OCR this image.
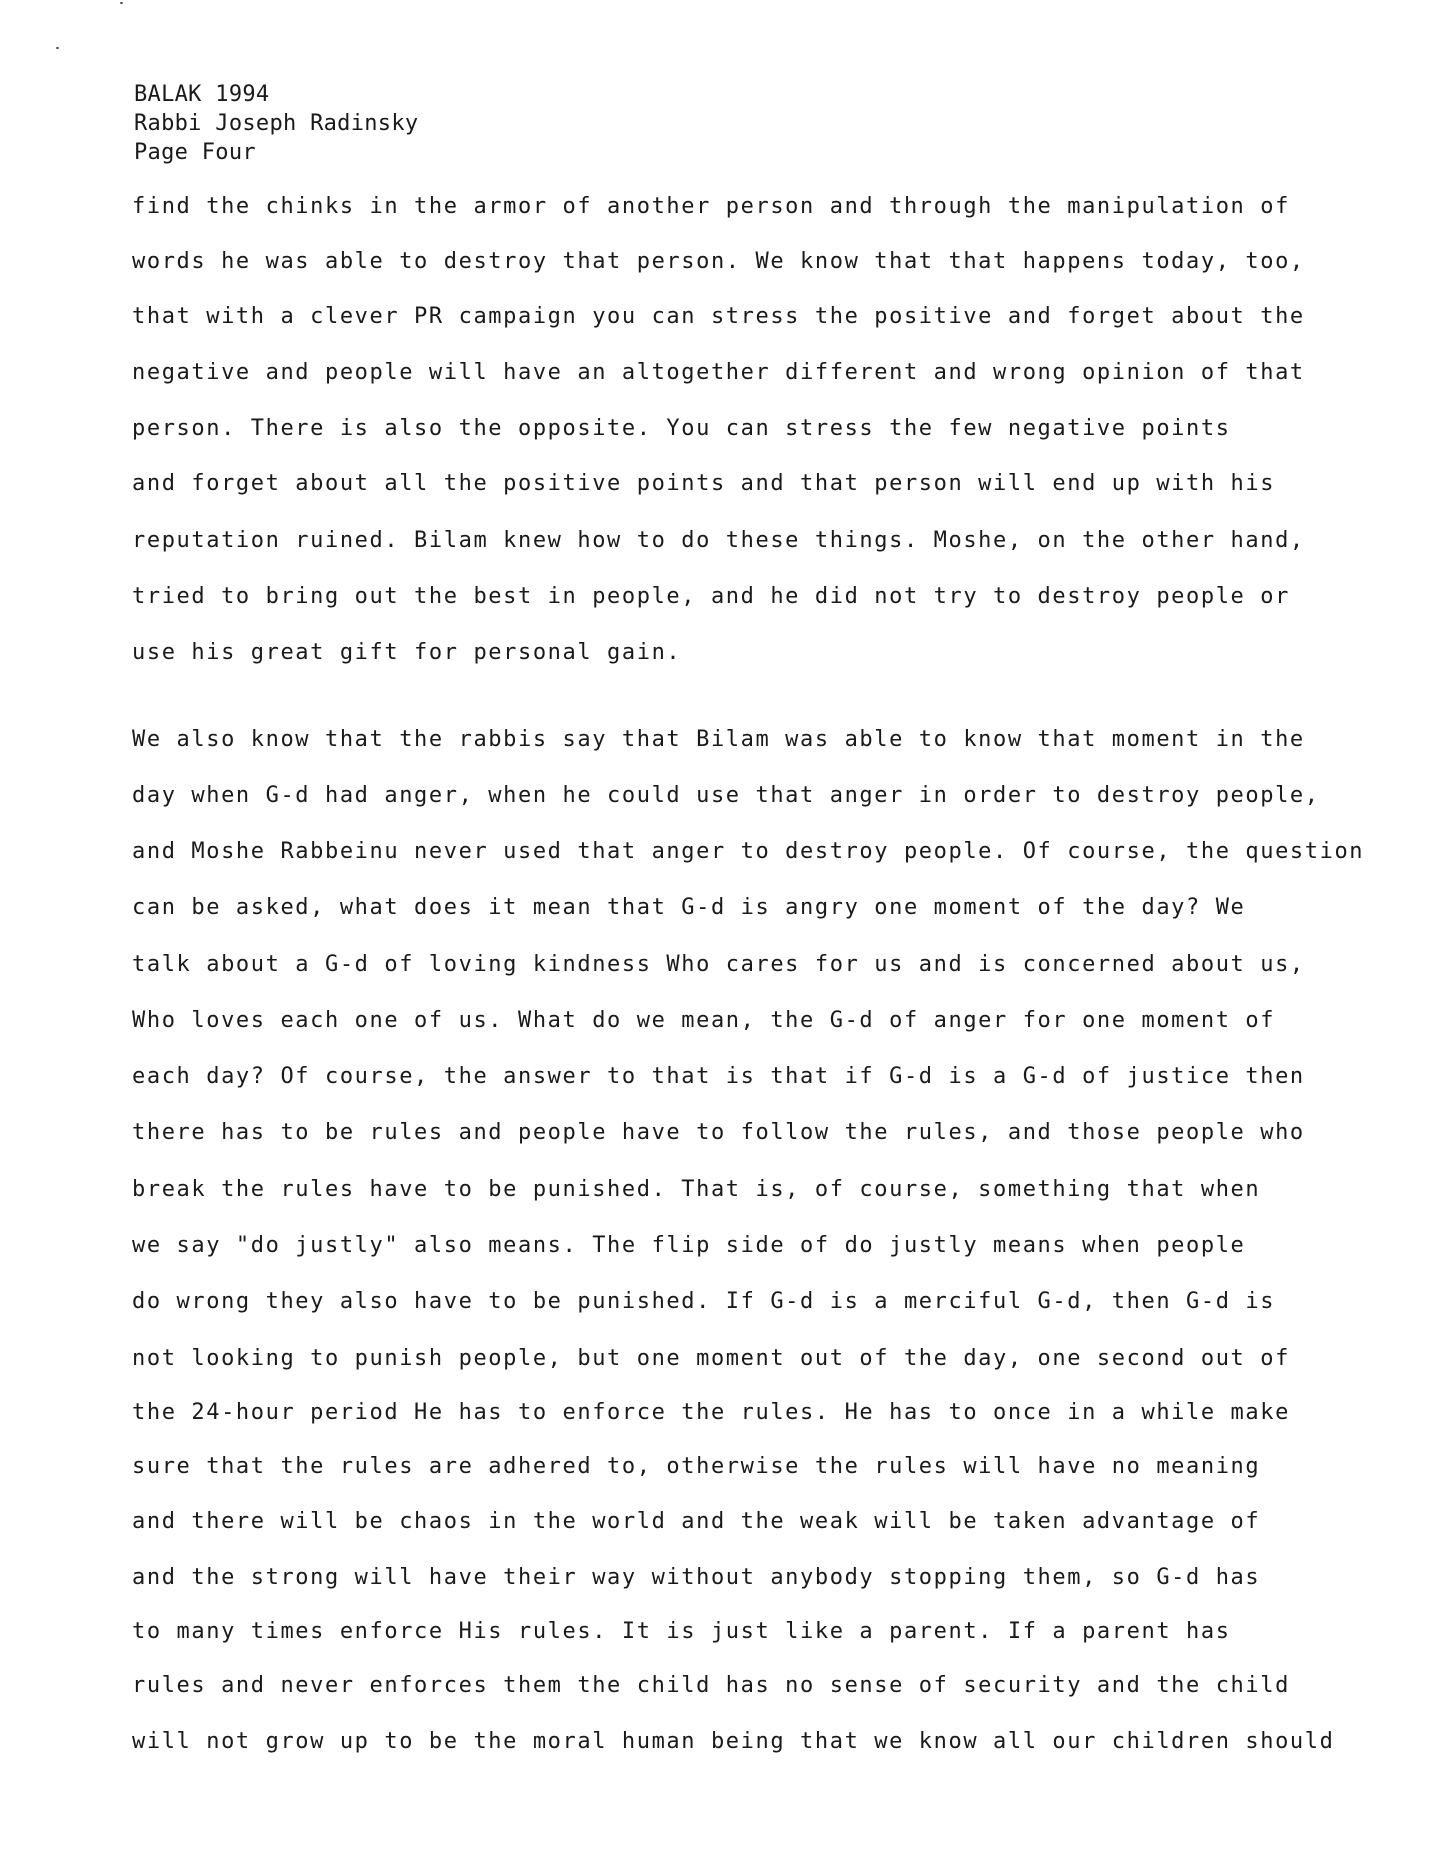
BALAK 1994
Rabbi Joseph Radinsky
Page Four
find the chinks in the armor of another person and through the manipulation of
words he was able to destroy that person. We know that that happens today, too,
that with a clever PR campaign you can stress the positive and forget about the
negative and people will have an altogether different and wrong opinion of that
person. There is also the opposite. You can stress the few negative points
and forget about all the positive points and that person will end up with his
reputation ruined. Bilam knew how to do these things. Moshe, on the other hand,
tried to bring out the best in people, and he did not try to destroy people or
use his great gift for personal gain.
We also know that the rabbis say that Bilam was able to know that moment in the
day when G-d had anger, when he could use that anger in order to destroy people,
and Moshe Rabbeinu never used that anger to destroy people. Of course, the question
can be asked, what does it mean that G-d is angry one moment of the day? We
talk about a G-d of loving kindness Who cares for us and is concerned about us,
Who loves each one of us. What do we mean, the G-d of anger for one moment of
each day? Of course, the answer to that is that if G-d is a G-d of justice then
there has to be rules and people have to follow the rules, and those people who
break the rules have to be punished. That is, of course, something that when
we say "do justly" also means. The flip side of do justly means when people
do wrong they also have to be punished. If G-d is a merciful G-d, then G-d is
not looking to punish people, but one moment out of the day, one second out of
the 24-hour period He has to enforce the rules. He has to once in a while make
sure that the rules are adhered to, otherwise the rules will have no meaning
and there will be chaos in the world and the weak will be taken advantage of
and the strong will have their way without anybody stopping them, so G-d has
to many times enforce His rules. It is just like a parent. If a parent has
rules and never enforces them the child has no sense of security and the child
will not grow up to be the moral human being that we know all our children should
